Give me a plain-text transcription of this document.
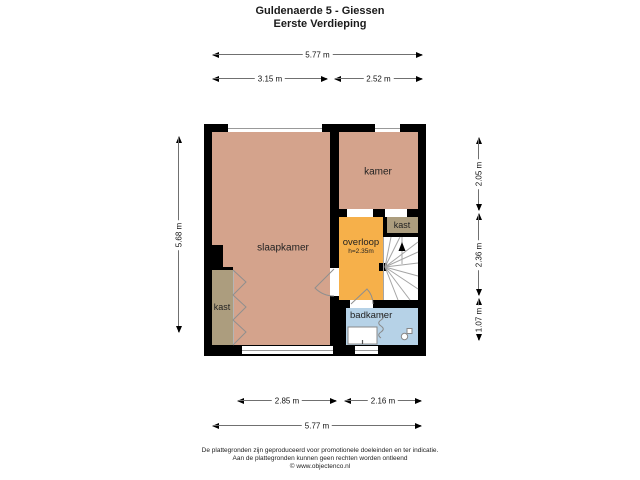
Guldenaerde 5 - Giessen
Eerste Verdieping
slaapkamer
kamer
overloop
h=2.35m
badkamer
kast
kast
5.77 m
3.15 m	2.52 m
5.68 m
2.05 m
2.36 m
1.07 m
2.85 m	2.16 m
5.77 m
De plattegronden zijn geproduceerd voor promotionele doeleinden en ter indicatie.
Aan de plattegronden kunnen geen rechten worden ontleend
© www.objectenco.nl
